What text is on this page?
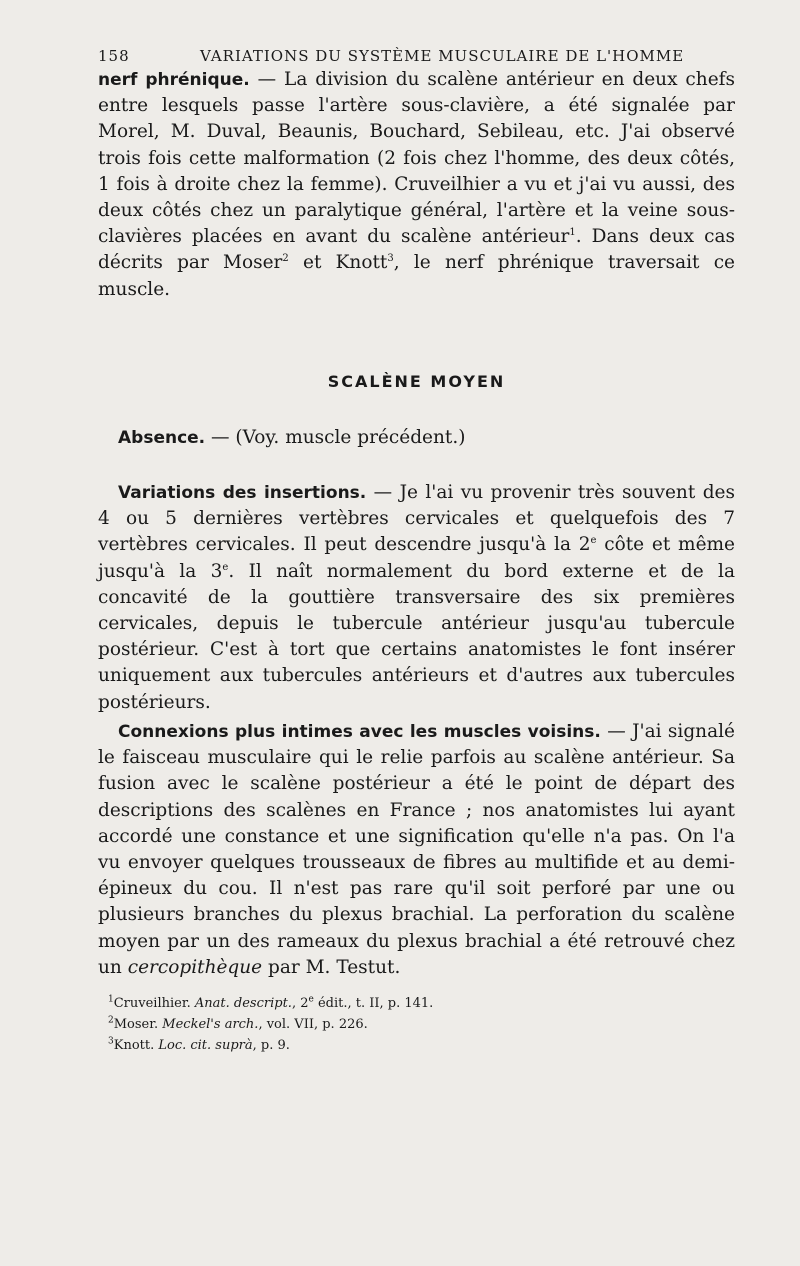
158	VARIATIONS DU SYSTÈME MUSCULAIRE DE L'HOMME

nerf phrénique. — La division du scalène antérieur en deux chefs entre lesquels passe l'artère sous-clavière, a été signalée par Morel, M. Duval, Beaunis, Bouchard, Sebileau, etc. J'ai observé trois fois cette malformation (2 fois chez l'homme, des deux côtés, 1 fois à droite chez la femme). Cruveilhier a vu et j'ai vu aussi, des deux côtés chez un paralytique général, l'artère et la veine sous-clavières placées en avant du scalène antérieur$^1$. Dans deux cas décrits par Moser$^2$ et Knott$^3$, le nerf phrénique traversait ce muscle.

SCALÈNE MOYEN

Absence. — (Voy. muscle précédent.)

Variations des insertions. — Je l'ai vu provenir très souvent des 4 ou 5 dernières vertèbres cervicales et quelquefois des 7 vertèbres cervicales. Il peut descendre jusqu'à la 2e côte et même jusqu'à la 3e. Il naît normalement du bord externe et de la concavité de la gouttière transversaire des six premières cervicales, depuis le tubercule antérieur jusqu'au tubercule postérieur. C'est à tort que certains anatomistes le font insérer uniquement aux tubercules antérieurs et d'autres aux tubercules postérieurs.

Connexions plus intimes avec les muscles voisins. — J'ai signalé le faisceau musculaire qui le relie parfois au scalène antérieur. Sa fusion avec le scalène postérieur a été le point de départ des descriptions des scalènes en France ; nos anatomistes lui ayant accordé une constance et une signification qu'elle n'a pas. On l'a vu envoyer quelques trousseaux de fibres au multifide et au demi-épineux du cou. Il n'est pas rare qu'il soit perforé par une ou plusieurs branches du plexus brachial. La perforation du scalène moyen par un des rameaux du plexus brachial a été retrouvé chez un cercopithèque par M. Testut.

$^1$Cruveilhier. Anat. descript., 2e édit., t. II, p. 141.
$^2$Moser. Meckel's arch., vol. VII, p. 226.
$^3$Knott. Loc. cit. suprà, p. 9.
